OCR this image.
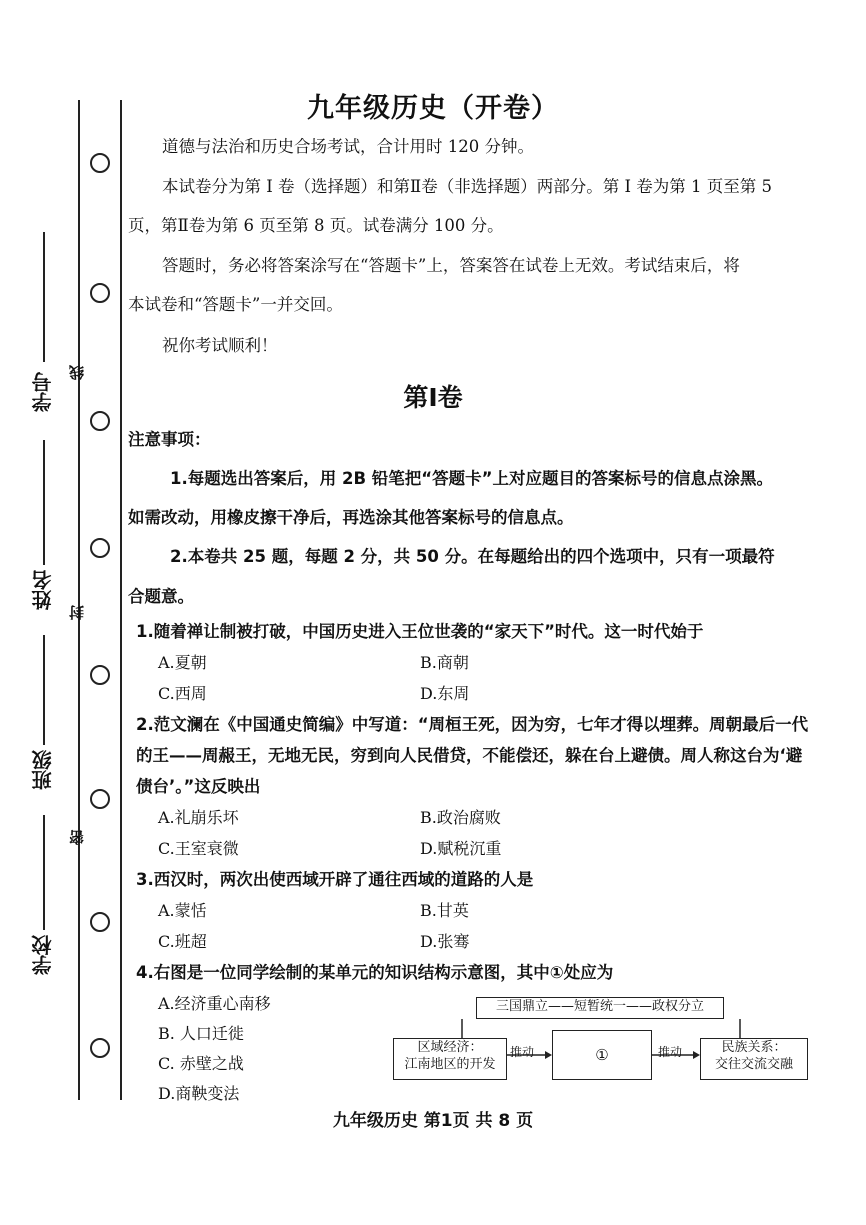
学号
姓名
班级
学校
线
封
密
九年级历史（开卷）
道德与法治和历史合场考试，合计用时 120 分钟。
本试卷分为第 I 卷（选择题）和第Ⅱ卷（非选择题）两部分。第 I 卷为第 1 页至第 5
页，第Ⅱ卷为第 6 页至第 8 页。试卷满分 100 分。
答题时，务必将答案涂写在“答题卡”上，答案答在试卷上无效。考试结束后，将
本试卷和“答题卡”一并交回。
祝你考试顺利！
第Ⅰ卷
注意事项：
1.每题选出答案后，用 2B 铅笔把“答题卡”上对应题目的答案标号的信息点涂黑。
如需改动，用橡皮擦干净后，再选涂其他答案标号的信息点。
2.本卷共 25 题，每题 2 分，共 50 分。在每题给出的四个选项中，只有一项最符
合题意。
1.随着禅让制被打破，中国历史进入王位世袭的“家天下”时代。这一时代始于
A.夏朝	B.商朝
C.西周	D.东周
2.范文澜在《中国通史简编》中写道：“周桓王死，因为穷，七年才得以埋葬。周朝最后一代
的王——周赧王，无地无民，穷到向人民借贷，不能偿还，躲在台上避债。周人称这台为‘避
债台’。”这反映出
A.礼崩乐坏	B.政治腐败
C.王室衰微	D.赋税沉重
3.西汉时，两次出使西域开辟了通往西域的道路的人是
A.蒙恬	B.甘英
C.班超	D.张骞
4.右图是一位同学绘制的某单元的知识结构示意图，其中①处应为
A.经济重心南移
B. 人口迁徙
C. 赤壁之战
D.商鞅变法
三国鼎立——短暂统一——政权分立
区域经济：
江南地区的开发
推动	①	推动	民族关系：
交往交流交融
九年级历史 第1页 共 8 页
